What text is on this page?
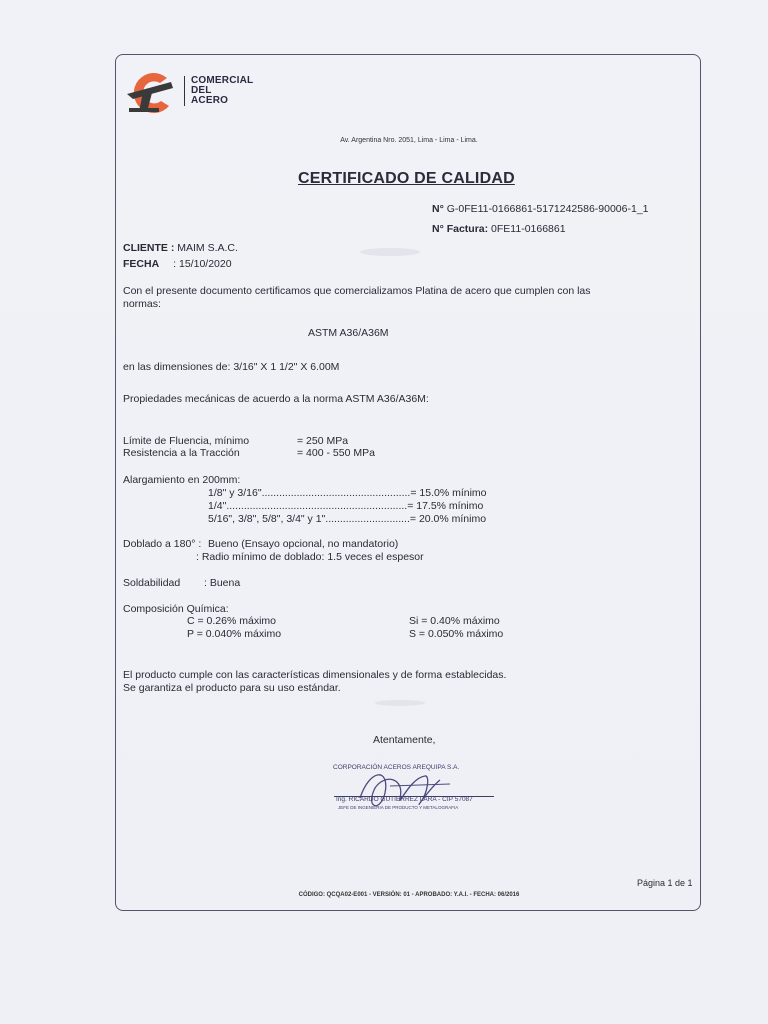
COMERCIAL
DEL
ACERO
Av. Argentina Nro. 2051, Lima - Lima - Lima.
CERTIFICADO DE CALIDAD
N° G-0FE11-0166861-5171242586-90006-1_1
N° Factura: 0FE11-0166861
CLIENTE : MAIM S.A.C.
FECHA : 15/10/2020
Con el presente documento certificamos que comercializamos Platina de acero que cumplen con las
normas:
ASTM A36/A36M
en las dimensiones de: 3/16" X 1 1/2" X 6.00M
Propiedades mecánicas de acuerdo a la norma ASTM A36/A36M:
Límite de Fluencia, mínimo	= 250 MPa
Resistencia a la Tracción	= 400 - 550 MPa
Alargamiento en 200mm:
1/8" y 3/16"...................................................= 15.0% mínimo
1/4"..............................................................= 17.5% mínimo
5/16", 3/8", 5/8", 3/4" y 1".............................= 20.0% mínimo
Doblado a 180° : Bueno (Ensayo opcional, no mandatorio)
: Radio mínimo de doblado: 1.5 veces el espesor
Soldabilidad : Buena
Composición Química:
C = 0.26% máximo
P = 0.040% máximo
Si = 0.40% máximo
S = 0.050% máximo
El producto cumple con las características dimensionales y de forma establecidas.
Se garantiza el producto para su uso estándar.
Atentamente,
CORPORACIÓN ACEROS AREQUIPA S.A.
Ing. RICARDO GUTIERREZ LARA - CIP 57087
JEFE DE INGENIERIA DE PRODUCTO Y METALOGRAFIA
Página 1 de 1
CÓDIGO: QCQA02-E001 - VERSIÓN: 01 - APROBADO: Y.A.I. - FECHA: 06/2016
